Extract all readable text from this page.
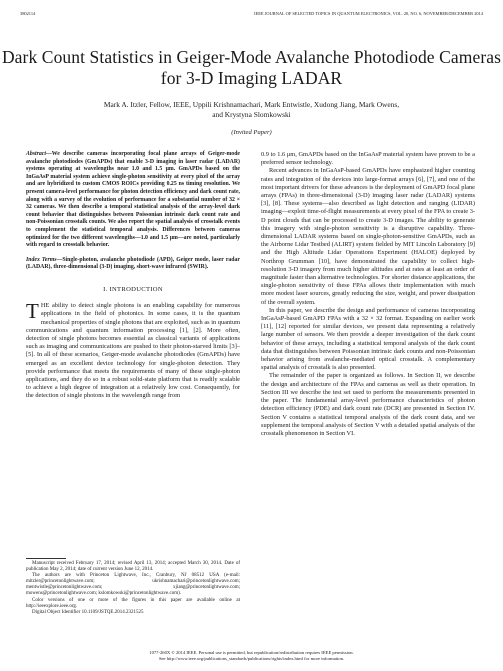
3802114	IEEE JOURNAL OF SELECTED TOPICS IN QUANTUM ELECTRONICS, VOL. 20, NO. 6, NOVEMBER/DECEMBER 2014
Dark Count Statistics in Geiger-Mode Avalanche Photodiode Cameras for 3-D Imaging LADAR
Mark A. Itzler, Fellow, IEEE, Uppili Krishnamachari, Mark Entwistle, Xudong Jiang, Mark Owens,
and Krystyna Slomkowski
(Invited Paper)

Abstract—We describe cameras incorporating focal plane arrays of Geiger-mode avalanche photodiodes (GmAPDs) that enable 3-D imaging in laser radar (LADAR) systems operating at wavelengths near 1.0 and 1.5 μm. GmAPDs based on the InGaAsP material system achieve single-photon sensitivity at every pixel of the array and are hybridized to custom CMOS ROICs providing 0.25 ns timing resolution. We present camera-level performance for photon detection efficiency and dark count rate, along with a survey of the evolution of performance for a substantial number of 32 × 32 cameras. We then describe a temporal statistical analysis of the array-level dark count behavior that distinguishes between Poissonian intrinsic dark count rate and non-Poissonian crosstalk counts. We also report the spatial analysis of crosstalk events to complement the statistical temporal analysis. Differences between cameras optimized for the two different wavelengths—1.0 and 1.5 μm—are noted, particularly with regard to crosstalk behavior.

Index Terms—Single-photon, avalanche photodiode (APD), Geiger mode, laser radar (LADAR), three-dimensional (3-D) imaging, short-wave infrared (SWIR).

I. INTRODUCTION

THE ability to detect single photons is an enabling capability for numerous applications in the field of photonics. In some cases, it is the quantum mechanical properties of single photons that are exploited, such as in quantum communications and quantum information processing [1], [2]. More often, detection of single photons becomes essential as classical variants of applications such as imaging and communications are pushed to their photon-starved limits [3]–[5]. In all of these scenarios, Geiger-mode avalanche photodiodes (GmAPDs) have emerged as an excellent device technology for single-photon detection. They provide performance that meets the requirements of many of these single-photon applications, and they do so in a robust solid-state platform that is readily scalable to achieve a high degree of integration at a relatively low cost. Consequently, for the detection of single photons in the wavelength range from

Manuscript received February 17, 2014; revised April 13, 2014; accepted March 30, 2014. Date of publication May 2, 2014; date of current version June 12, 2014.

The authors are with Princeton Lightwave, Inc., Cranbury, NJ 08512 USA (e-mail: mitzler@princetonlightwave.com; ukrishnamachari@princetonlightwave.com; mentwistle@princetonlightwave.com; xjiang@princetonlightwave.com; mowens@princetonlightwave.com; kslomkowski@princetonlightwave.com).

Color versions of one or more of the figures in this paper are available online at http://ieeexplore.ieee.org.

Digital Object Identifier 10.1109/JSTQE.2014.2321525

0.9 to 1.6 μm, GmAPDs based on the InGaAsP material system have proven to be a preferred sensor technology.

Recent advances in InGaAsP-based GmAPDs have emphasized higher counting rates and integration of the devices into large-format arrays [6], [7], and one of the most important drivers for these advances is the deployment of GmAPD focal plane arrays (FPAs) in three-dimensional (3-D) imaging laser radar (LADAR) systems [3], [8]. These systems—also described as light detection and ranging (LIDAR) imaging—exploit time-of-flight measurements at every pixel of the FPA to create 3-D point clouds that can be processed to create 3-D images. The ability to generate this imagery with single-photon sensitivity is a disruptive capability. Three-dimensional LADAR systems based on single-photon-sensitive GmAPDs, such as the Airborne Lidar Testbed (ALIRT) system fielded by MIT Lincoln Laboratory [9] and the High Altitude Lidar Operations Experiment (HALOE) deployed by Northrop Grumman [10], have demonstrated the capability to collect high-resolution 3-D imagery from much higher altitudes and at rates at least an order of magnitude faster than alternative technologies. For shorter distance applications, the single-photon sensitivity of these FPAs allows their implementation with much more modest laser sources, greatly reducing the size, weight, and power dissipation of the overall system.

In this paper, we describe the design and performance of cameras incorporating InGaAsP-based GmAPD FPAs with a 32 × 32 format. Expanding on earlier work [11], [12] reported for similar devices, we present data representing a relatively large number of sensors. We then provide a deeper investigation of the dark count behavior of these arrays, including a statistical temporal analysis of the dark count data that distinguishes between Poissonian intrinsic dark counts and non-Poissonian behavior arising from avalanche-mediated optical crosstalk. A complementary spatial analysis of crosstalk is also presented.

The remainder of the paper is organized as follows. In Section II, we describe the design and architecture of the FPAs and cameras as well as their operation. In Section III we describe the test set used to perform the measurements presented in the paper. The fundamental array-level performance characteristics of photon detection efficiency (PDE) and dark count rate (DCR) are presented in Section IV. Section V contains a statistical temporal analysis of the dark count data, and we supplement the temporal analysis of Section V with a detailed spatial analysis of the crosstalk phenomenon in Section VI.

1077-260X © 2014 IEEE. Personal use is permitted, but republication/redistribution requires IEEE permission.
See http://www.ieee.org/publications_standards/publications/rights/index.html for more information.
